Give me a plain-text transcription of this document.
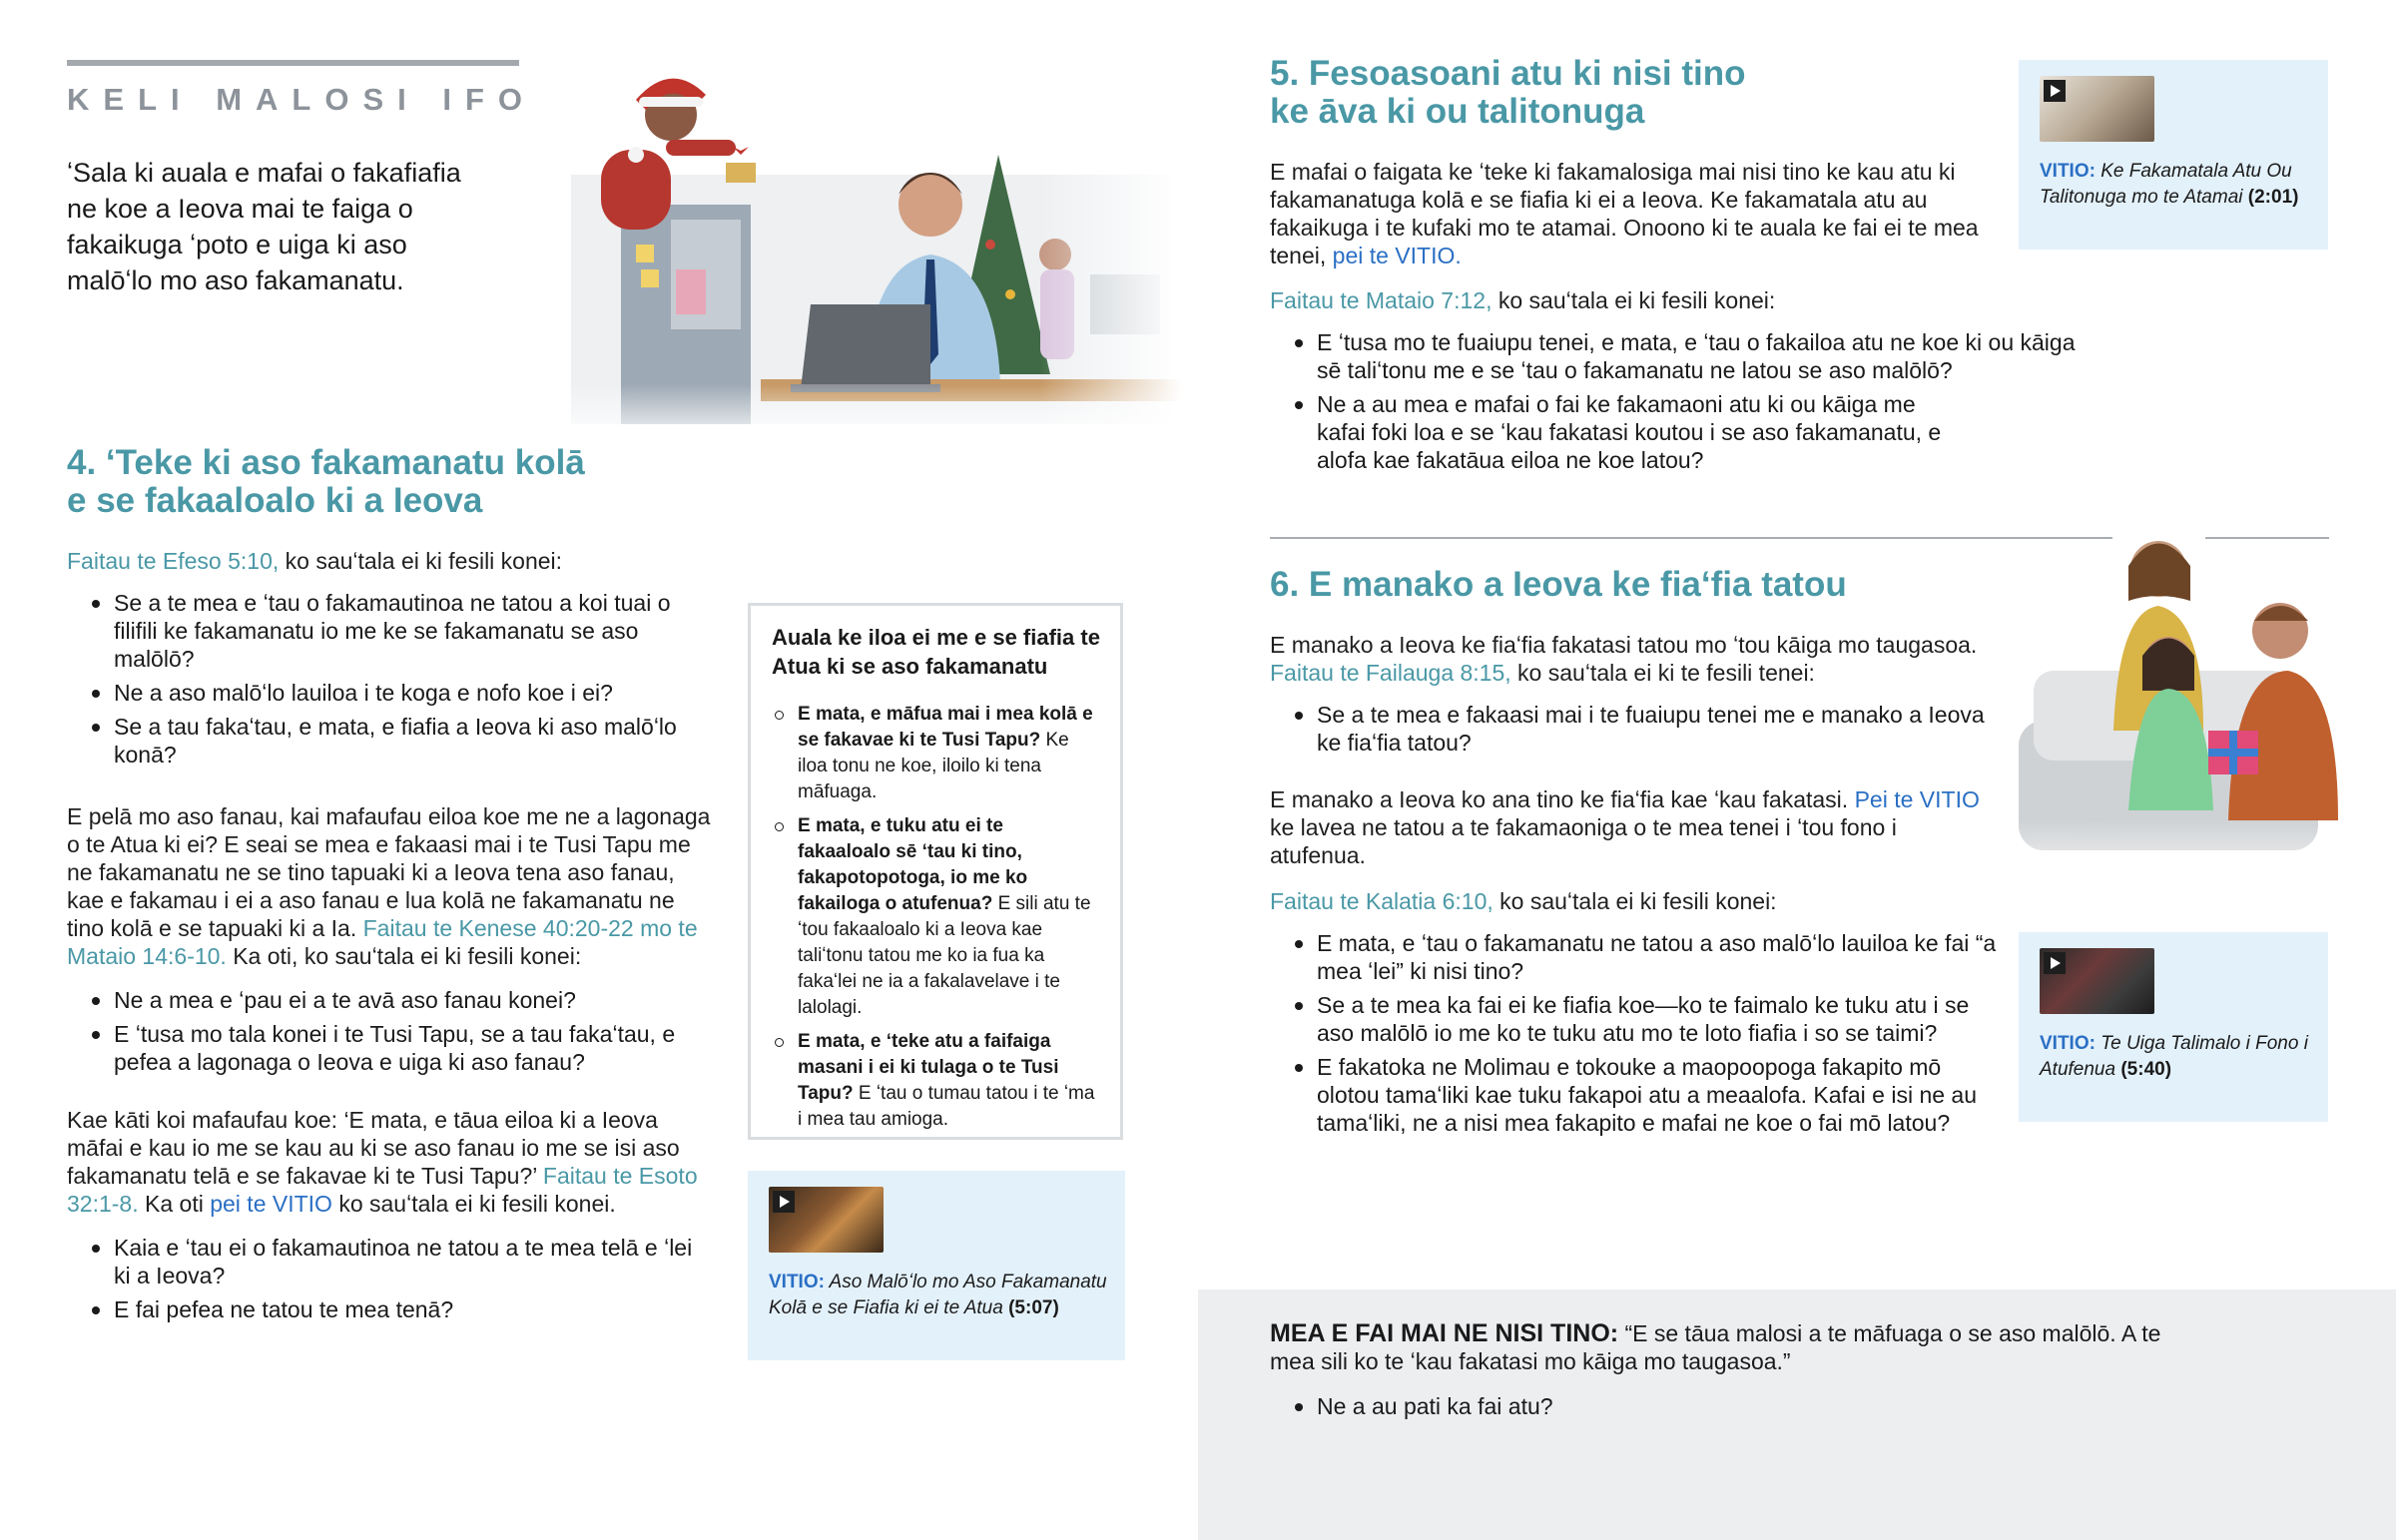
KELI MALOSI IFO

ʻSala ki auala e mafai o fakafiafia ne koe a Ieova mai te faiga o fakaikuga ʻpoto e uiga ki aso malōʻlo mo aso fakamanatu.

4. ʻTeke ki aso fakamanatu kolā e se fakaaloalo ki a Ieova

Faitau te Efeso 5:10, ko sauʻtala ei ki fesili konei:

Se a te mea e ʻtau o fakamautinoa ne tatou a koi tuai o filifili ke fakamanatu io me ke se fakamanatu se aso malōlō?
Ne a aso malōʻlo lauiloa i te koga e nofo koe i ei?
Se a tau fakaʻtau, e mata, e fiafia a Ieova ki aso malōʻlo konā?

E pelā mo aso fanau, kai mafaufau eiloa koe me ne a lagonaga o te Atua ki ei? E seai se mea e fakaasi mai i te Tusi Tapu me ne fakamanatu ne se tino tapuaki ki a Ieova tena aso fanau, kae e fakamau i ei a aso fanau e lua kolā ne fakamanatu ne tino kolā e se tapuaki ki a Ia. Faitau te Kenese 40:20-22 mo te Mataio 14:6-10. Ka oti, ko sauʻtala ei ki fesili konei:

Ne a mea e ʻpau ei a te avā aso fanau konei?
E ʻtusa mo tala konei i te Tusi Tapu, se a tau fakaʻtau, e pefea a lagonaga o Ieova e uiga ki aso fanau?

Kae kāti koi mafaufau koe: ‘E mata, e tāua eiloa ki a Ieova māfai e kau io me se kau au ki se aso fanau io me se isi aso fakamanatu telā e se fakavae ki te Tusi Tapu?’ Faitau te Esoto 32:1-8. Ka oti pei te VITIO ko sauʻtala ei ki fesili konei.

Kaia e ʻtau ei o fakamautinoa ne tatou a te mea telā e ʻlei ki a Ieova?
E fai pefea ne tatou te mea tenā?
Auala ke iloa ei me e se fiafia te Atua ki se aso fakamanatu
E mata, e māfua mai i mea kolā e se fakavae ki te Tusi Tapu? Ke iloa tonu ne koe, iloilo ki tena māfuaga.
E mata, e tuku atu ei te fakaaloalo sē ʻtau ki tino, fakapotopotoga, io me ko fakailoga o atufenua? E sili atu te ʻtou fakaaloalo ki a Ieova kae taliʻtonu tatou me ko ia fua ka fakaʻlei ne ia a fakalavelave i te lalolagi.
E mata, e ʻteke atu a faifaiga masani i ei ki tulaga o te Tusi Tapu? E ʻtau o tumau tatou i te ʻma i mea tau amioga.
VITIO: Aso Malōʻlo mo Aso Fakamanatu Kolā e se Fiafia ki ei te Atua (5:07)
5. Fesoasoani atu ki nisi tino ke āva ki ou talitonuga

E mafai o faigata ke ʻteke ki fakamalosiga mai nisi tino ke kau atu ki fakamanatuga kolā e se fiafia ki ei a Ieova. Ke fakamatala atu au fakaikuga i te kufaki mo te atamai. Onoono ki te auala ke fai ei te mea tenei, pei te VITIO.

Faitau te Mataio 7:12, ko sauʻtala ei ki fesili konei:

E ʻtusa mo te fuaiupu tenei, e mata, e ʻtau o fakailoa atu ne koe ki ou kāiga sē taliʻtonu me e se ʻtau o fakamanatu ne latou se aso malōlō?
Ne a au mea e mafai o fai ke fakamaoni atu ki ou kāiga me kafai foki loa e se ʻkau fakatasi koutou i se aso fakamanatu, e alofa kae fakatāua eiloa ne koe latou?
VITIO: Ke Fakamatala Atu Ou Talitonuga mo te Atamai (2:01)
6. E manako a Ieova ke fiaʻfia tatou

E manako a Ieova ke fiaʻfia fakatasi tatou mo ʻtou kāiga mo taugasoa. Faitau te Failauga 8:15, ko sauʻtala ei ki te fesili tenei:

Se a te mea e fakaasi mai i te fuaiupu tenei me e manako a Ieova ke fiaʻfia tatou?

E manako a Ieova ko ana tino ke fiaʻfia kae ʻkau fakatasi. Pei te VITIO ke lavea ne tatou a te fakamaoniga o te mea tenei i ʻtou fono i atufenua.

Faitau te Kalatia 6:10, ko sauʻtala ei ki fesili konei:

E mata, e ʻtau o fakamanatu ne tatou a aso malōʻlo lauiloa ke fai “a mea ʻlei” ki nisi tino?
Se a te mea ka fai ei ke fiafia koe—ko te faimalo ke tuku atu i se aso malōlō io me ko te tuku atu mo te loto fiafia i so se taimi?
E fakatoka ne Molimau e tokouke a maopoopoga fakapito mō olotou tamaʻliki kae tuku fakapoi atu a meaalofa. Kafai e isi ne au tamaʻliki, ne a nisi mea fakapito e mafai ne koe o fai mō latou?
VITIO: Te Uiga Talimalo i Fono i Atufenua (5:40)

MEA E FAI MAI NE NISI TINO: “E se tāua malosi a te māfuaga o se aso malōlō. A te mea sili ko te ʻkau fakatasi mo kāiga mo taugasoa.”

Ne a au pati ka fai atu?
